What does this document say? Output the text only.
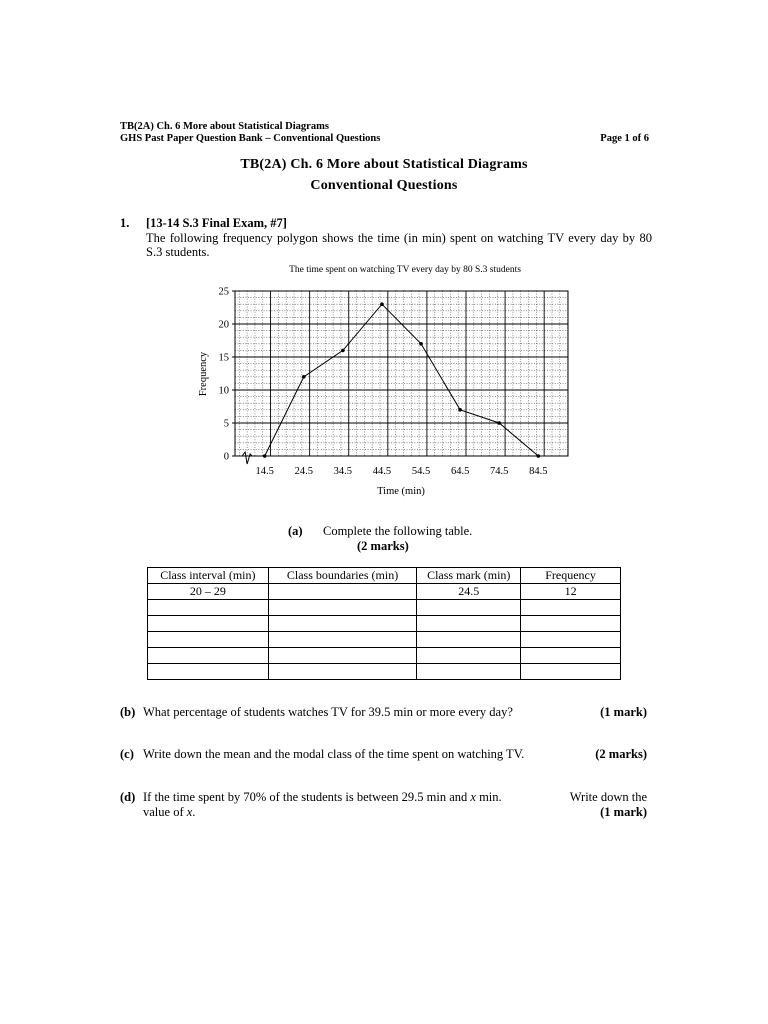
TB(2A) Ch. 6 More about Statistical Diagrams
GHS Past Paper Question Bank – Conventional Questions	Page 1 of 6
TB(2A) Ch. 6 More about Statistical Diagrams
Conventional Questions
1. [13-14 S.3 Final Exam, #7]
The following frequency polygon shows the time (in min) spent on watching TV every day by 80 S.3 students.
The time spent on watching TV every day by 80 S.3 students
0
5
10
15
20
25
14.5 24.5 34.5 44.5 54.5 64.5 74.5 84.5
Time (min)
Frequency
(a) Complete the following table.
(2 marks)
Class interval (min)	Class boundaries (min)	Class mark (min)	Frequency
20 – 29		24.5	12

(b) What percentage of students watches TV for 39.5 min or more every day?	(1 mark)
(c) Write down the mean and the modal class of the time spent on watching TV.	(2 marks)
(d) If the time spent by 70% of the students is between 29.5 min and x min.	Write down the
value of x.	(1 mark)
